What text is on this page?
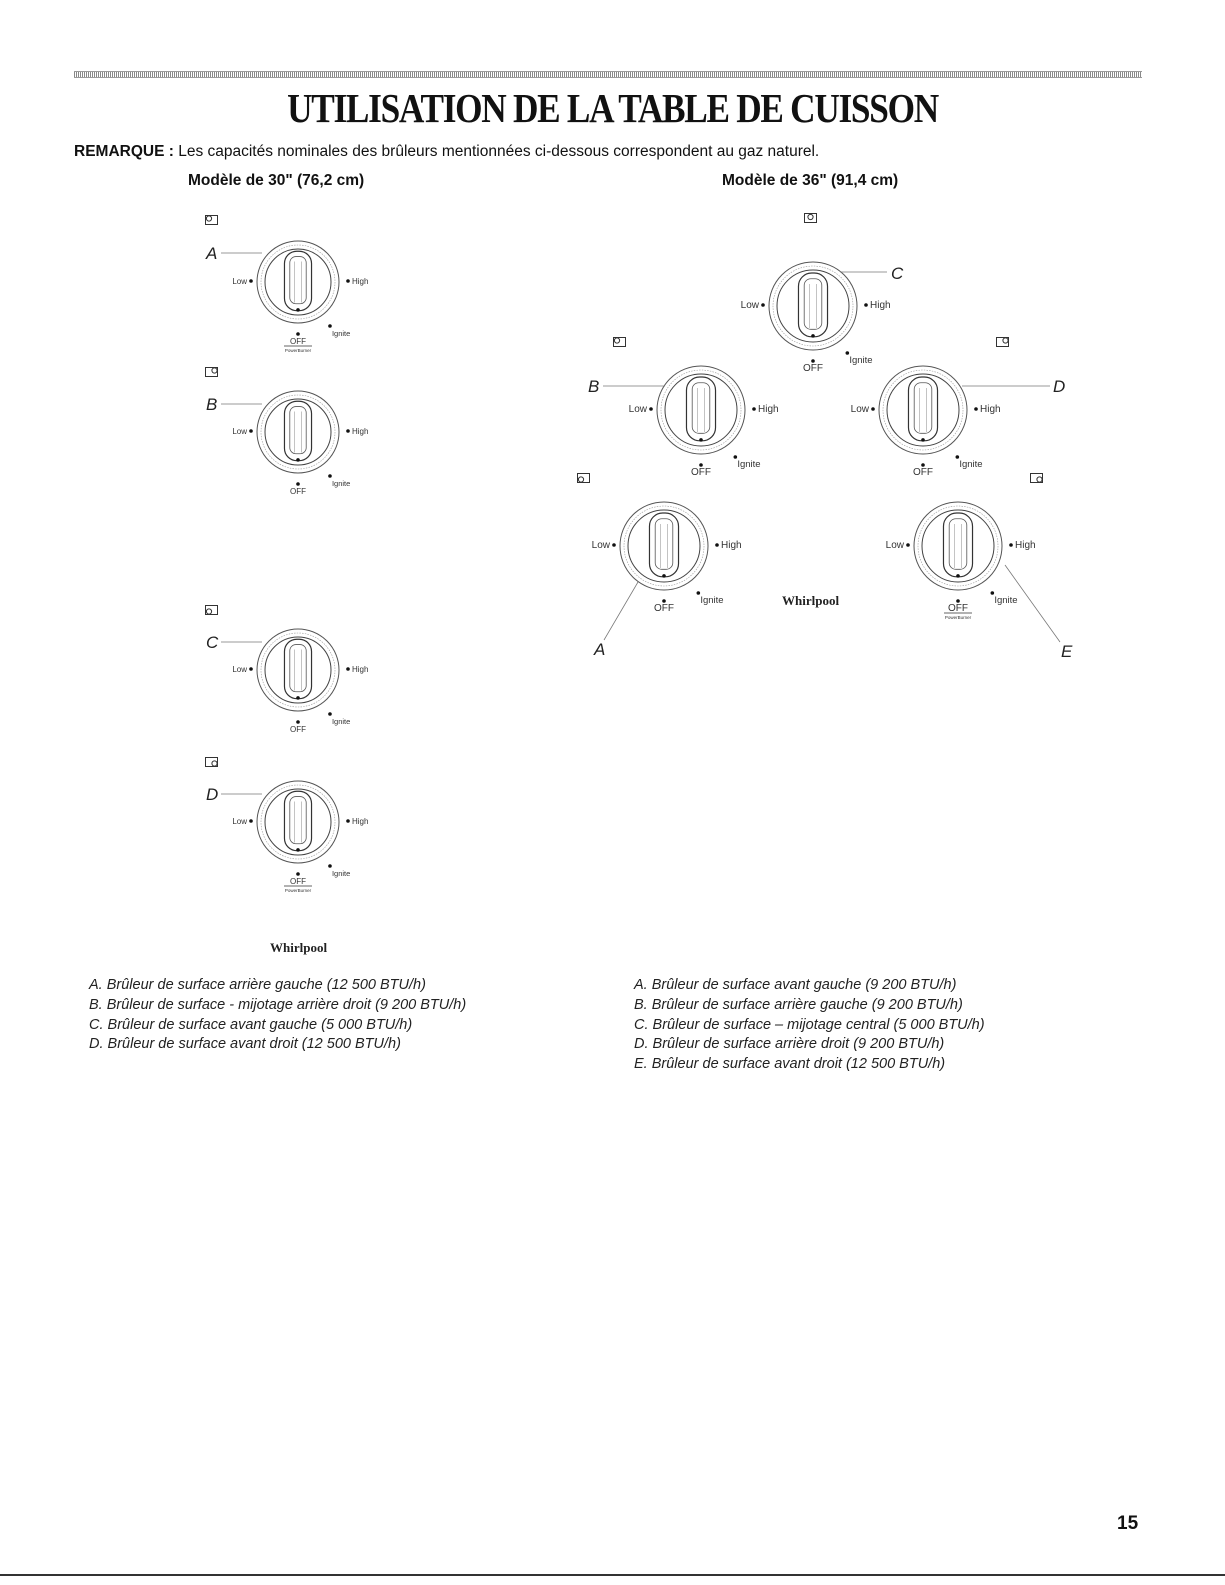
UTILISATION DE LA TABLE DE CUISSON
REMARQUE : Les capacités nominales des brûleurs mentionnées ci-dessous correspondent au gaz naturel.
Modèle de 30" (76,2 cm)	Modèle de 36" (91,4 cm)
Low	High
Ignite
OFF
PowerBurner
Low	High
Ignite
OFF
Low	High
Ignite
OFF
Low	High
Ignite
OFF
PowerBurner
Low	High
Ignite
OFF
Low	High
Ignite
OFF
Low	High
Ignite
OFF
Low	High
Ignite
OFF
Low	High
Ignite
OFF
PowerBurner
A
B
C
D
A
B
C
D
E
Whirlpool
Whirlpool
A. Brûleur de surface arrière gauche (12 500 BTU/h)
B. Brûleur de surface - mijotage arrière droit (9 200 BTU/h)
C. Brûleur de surface avant gauche (5 000 BTU/h)
D. Brûleur de surface avant droit (12 500 BTU/h)
A. Brûleur de surface avant gauche (9 200 BTU/h)
B. Brûleur de surface arrière gauche (9 200 BTU/h)
C. Brûleur de surface – mijotage central (5 000 BTU/h)
D. Brûleur de surface arrière droit (9 200 BTU/h)
E. Brûleur de surface avant droit (12 500 BTU/h)
15
